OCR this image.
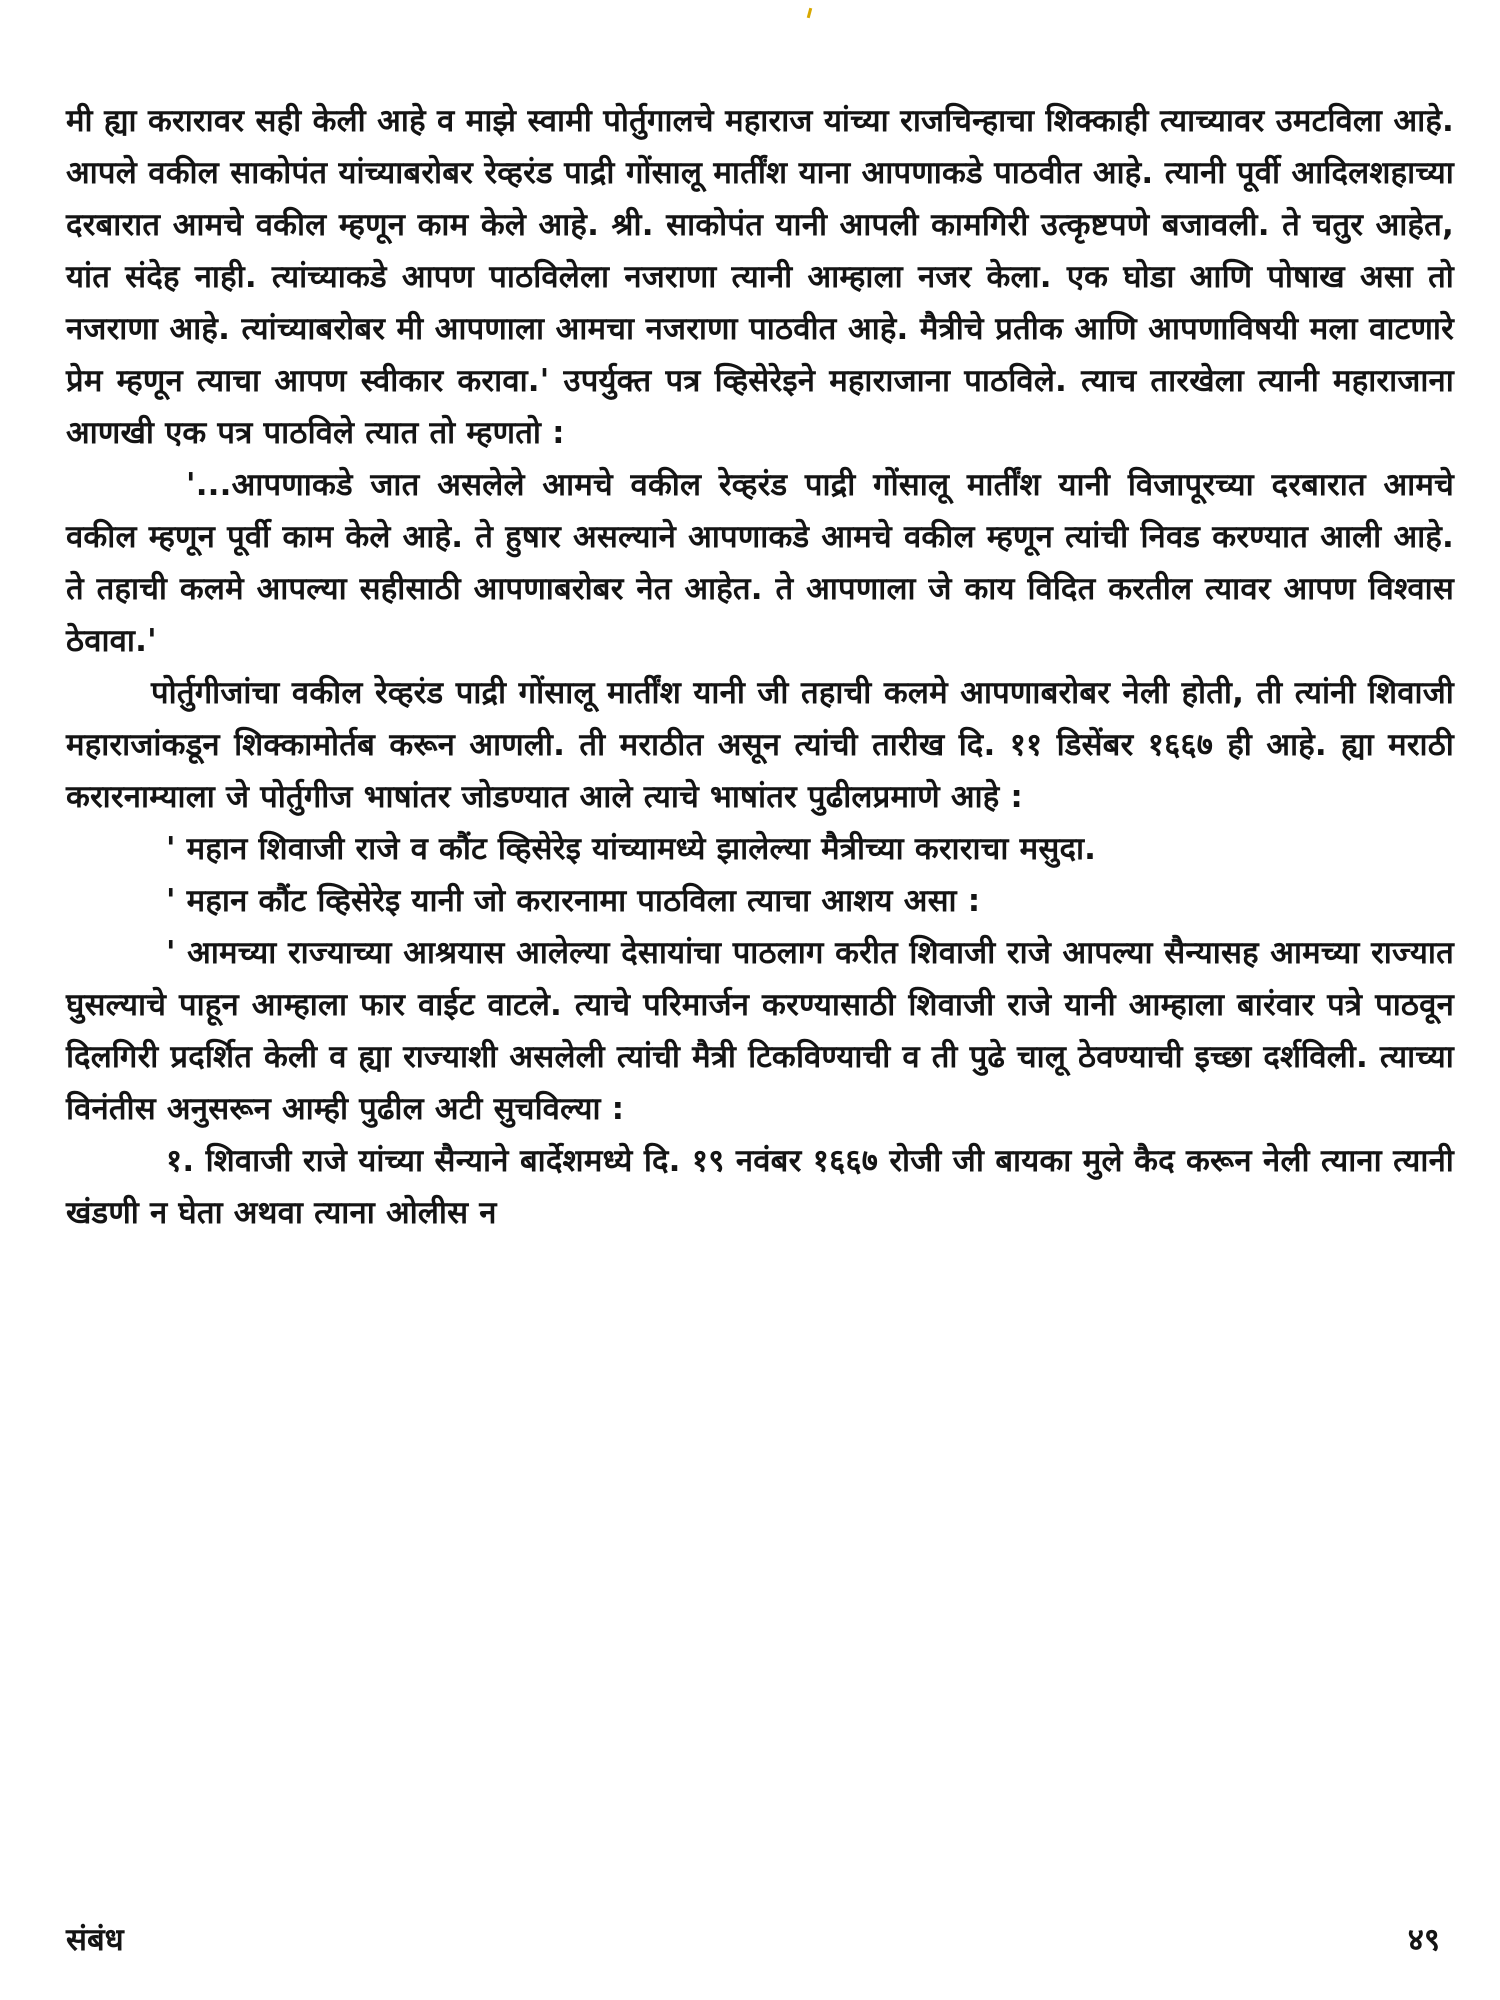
मी ह्या करारावर सही केली आहे व माझे स्वामी पोर्तुगालचे महाराज यांच्या राजचिन्हाचा शिक्काही त्याच्यावर उमटविला आहे. आपले वकील साकोपंत यांच्याबरोबर रेव्हरंड पाद्री गोंसालू मार्तींश याना आपणाकडे पाठवीत आहे. त्यानी पूर्वी आदिलशहाच्या दरबारात आमचे वकील म्हणून काम केले आहे. श्री. साकोपंत यानी आपली कामगिरी उत्कृष्टपणे बजावली. ते चतुर आहेत, यांत संदेह नाही. त्यांच्याकडे आपण पाठविलेला नजराणा त्यानी आम्हाला नजर केला. एक घोडा आणि पोषाख असा तो नजराणा आहे. त्यांच्याबरोबर मी आपणाला आमचा नजराणा पाठवीत आहे. मैत्रीचे प्रतीक आणि आपणाविषयी मला वाटणारे प्रेम म्हणून त्याचा आपण स्वीकार करावा.' उपर्युक्त पत्र व्हिसेरेइने महाराजाना पाठविले. त्याच तारखेला त्यानी महाराजाना आणखी एक पत्र पाठविले त्यात तो म्हणतो :

'...आपणाकडे जात असलेले आमचे वकील रेव्हरंड पाद्री गोंसालू मार्तींश यानी विजापूरच्या दरबारात आमचे वकील म्हणून पूर्वी काम केले आहे. ते हुषार असल्याने आपणाकडे आमचे वकील म्हणून त्यांची निवड करण्यात आली आहे. ते तहाची कलमे आपल्या सहीसाठी आपणाबरोबर नेत आहेत. ते आपणाला जे काय विदित करतील त्यावर आपण विश्वास ठेवावा.'

पोर्तुगीजांचा वकील रेव्हरंड पाद्री गोंसालू मार्तींश यानी जी तहाची कलमे आपणाबरोबर नेली होती, ती त्यांनी शिवाजी महाराजांकडून शिक्कामोर्तब करून आणली. ती मराठीत असून त्यांची तारीख दि. ११ डिसेंबर १६६७ ही आहे. ह्या मराठी करारनाम्याला जे पोर्तुगीज भाषांतर जोडण्यात आले त्याचे भाषांतर पुढीलप्रमाणे आहे :

' महान शिवाजी राजे व कौंट व्हिसेरेइ यांच्यामध्ये झालेल्या मैत्रीच्या कराराचा मसुदा.

' महान कौंट व्हिसेरेइ यानी जो करारनामा पाठविला त्याचा आशय असा :

' आमच्या राज्याच्या आश्रयास आलेल्या देसायांचा पाठलाग करीत शिवाजी राजे आपल्या सैन्यासह आमच्या राज्यात घुसल्याचे पाहून आम्हाला फार वाईट वाटले. त्याचे परिमार्जन करण्यासाठी शिवाजी राजे यानी आम्हाला बारंवार पत्रे पाठवून दिलगिरी प्रदर्शित केली व ह्या राज्याशी असलेली त्यांची मैत्री टिकविण्याची व ती पुढे चालू ठेवण्याची इच्छा दर्शविली. त्याच्या विनंतीस अनुसरून आम्ही पुढील अटी सुचविल्या :

१. शिवाजी राजे यांच्या सैन्याने बार्देशमध्ये दि. १९ नवंबर १६६७ रोजी जी बायका मुले कैद करून नेली त्याना त्यानी खंडणी न घेता अथवा त्याना ओलीस न

संबंध	४९
